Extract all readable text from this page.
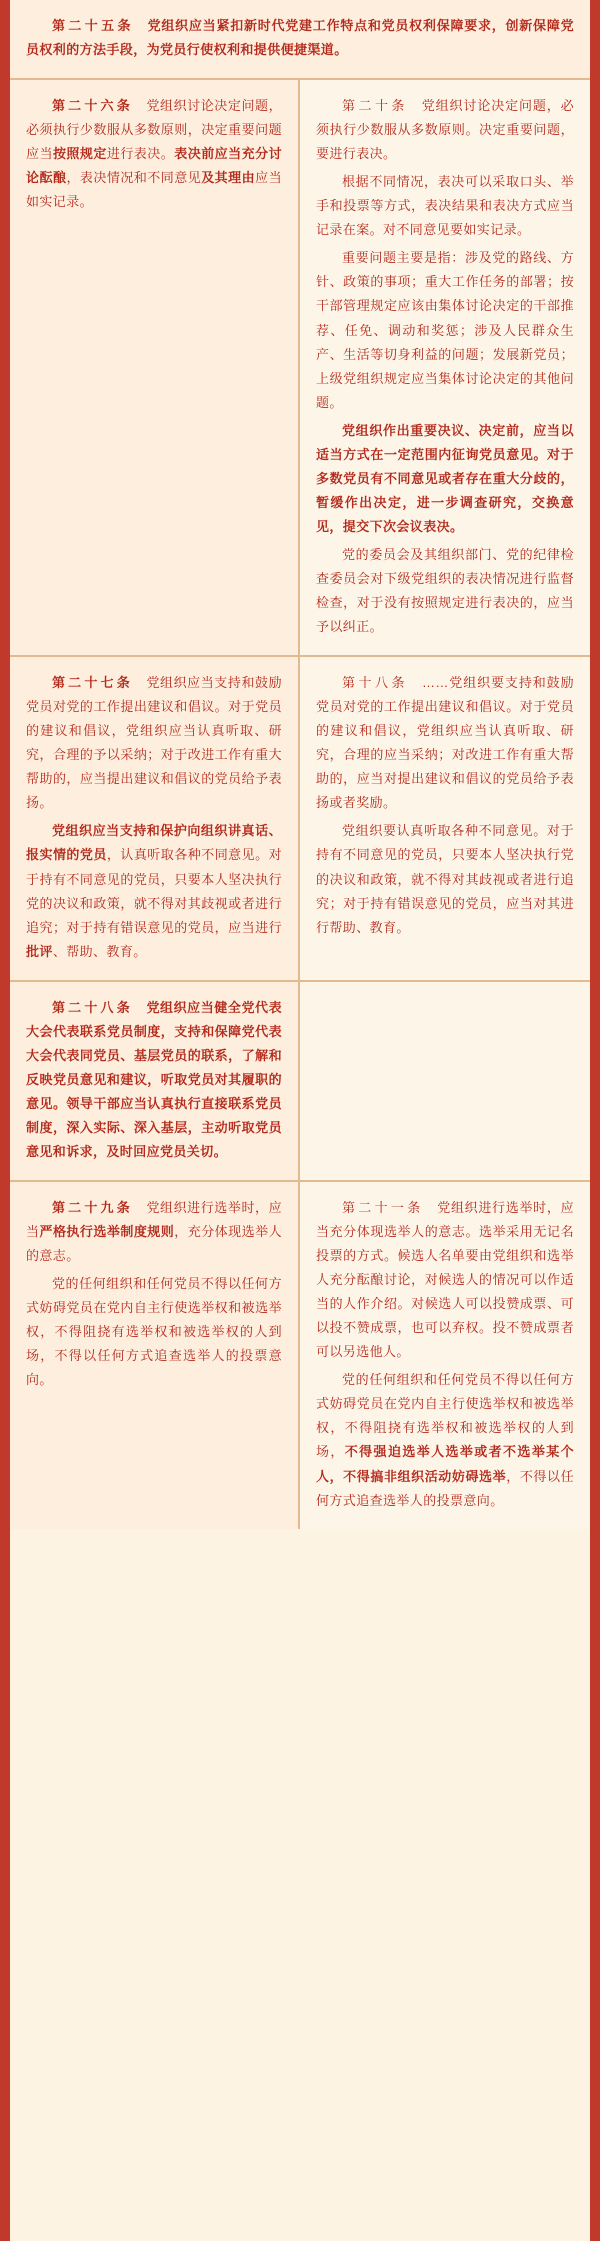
第二十五条　党组织应当紧扣新时代党建工作特点和党员权利保障要求，创新保障党员权利的方法手段，为党员行使权利和提供便捷渠道。

第二十六条　党组织讨论决定问题，必须执行少数服从多数原则，决定重要问题应当按照规定进行表决。表决前应当充分讨论酝酿，表决情况和不同意见及其理由应当如实记录。

第二十条　党组织讨论决定问题，必须执行少数服从多数原则。决定重要问题，要进行表决。

根据不同情况，表决可以采取口头、举手和投票等方式，表决结果和表决方式应当记录在案。对不同意见要如实记录。

重要问题主要是指：涉及党的路线、方针、政策的事项；重大工作任务的部署；按干部管理规定应该由集体讨论决定的干部推荐、任免、调动和奖惩；涉及人民群众生产、生活等切身利益的问题；发展新党员；上级党组织规定应当集体讨论决定的其他问题。

党组织作出重要决议、决定前，应当以适当方式在一定范围内征询党员意见。对于多数党员有不同意见或者存在重大分歧的，暂缓作出决定，进一步调查研究，交换意见，提交下次会议表决。

党的委员会及其组织部门、党的纪律检查委员会对下级党组织的表决情况进行监督检查，对于没有按照规定进行表决的，应当予以纠正。

第二十七条　党组织应当支持和鼓励党员对党的工作提出建议和倡议。对于党员的建议和倡议，党组织应当认真听取、研究，合理的予以采纳；对于改进工作有重大帮助的，应当提出建议和倡议的党员给予表扬。

党组织应当支持和保护向组织讲真话、报实情的党员，认真听取各种不同意见。对于持有不同意见的党员，只要本人坚决执行党的决议和政策，就不得对其歧视或者进行追究；对于持有错误意见的党员，应当进行批评、帮助、教育。

第十八条　……党组织要支持和鼓励党员对党的工作提出建议和倡议。对于党员的建议和倡议，党组织应当认真听取、研究，合理的应当采纳；对改进工作有重大帮助的，应当对提出建议和倡议的党员给予表扬或者奖励。

党组织要认真听取各种不同意见。对于持有不同意见的党员，只要本人坚决执行党的决议和政策，就不得对其歧视或者进行追究；对于持有错误意见的党员，应当对其进行帮助、教育。

第二十八条　党组织应当健全党代表大会代表联系党员制度，支持和保障党代表大会代表同党员、基层党员的联系，了解和反映党员意见和建议，听取党员对其履职的意见。领导干部应当认真执行直接联系党员制度，深入实际、深入基层，主动听取党员意见和诉求，及时回应党员关切。

第二十九条　党组织进行选举时，应当严格执行选举制度规则，充分体现选举人的意志。

党的任何组织和任何党员不得以任何方式妨碍党员在党内自主行使选举权和被选举权，不得阻挠有选举权和被选举权的人到场，不得以任何方式追查选举人的投票意向。

第二十一条　党组织进行选举时，应当充分体现选举人的意志。选举采用无记名投票的方式。候选人名单要由党组织和选举人充分酝酿讨论，对候选人的情况可以作适当的人作介绍。对候选人可以投赞成票、可以投不赞成票，也可以弃权。投不赞成票者可以另选他人。

党的任何组织和任何党员不得以任何方式妨碍党员在党内自主行使选举权和被选举权，不得阻挠有选举权和被选举权的人到场，不得强迫选举人选举或者不选举某个人，不得搞非组织活动妨碍选举，不得以任何方式追查选举人的投票意向。
